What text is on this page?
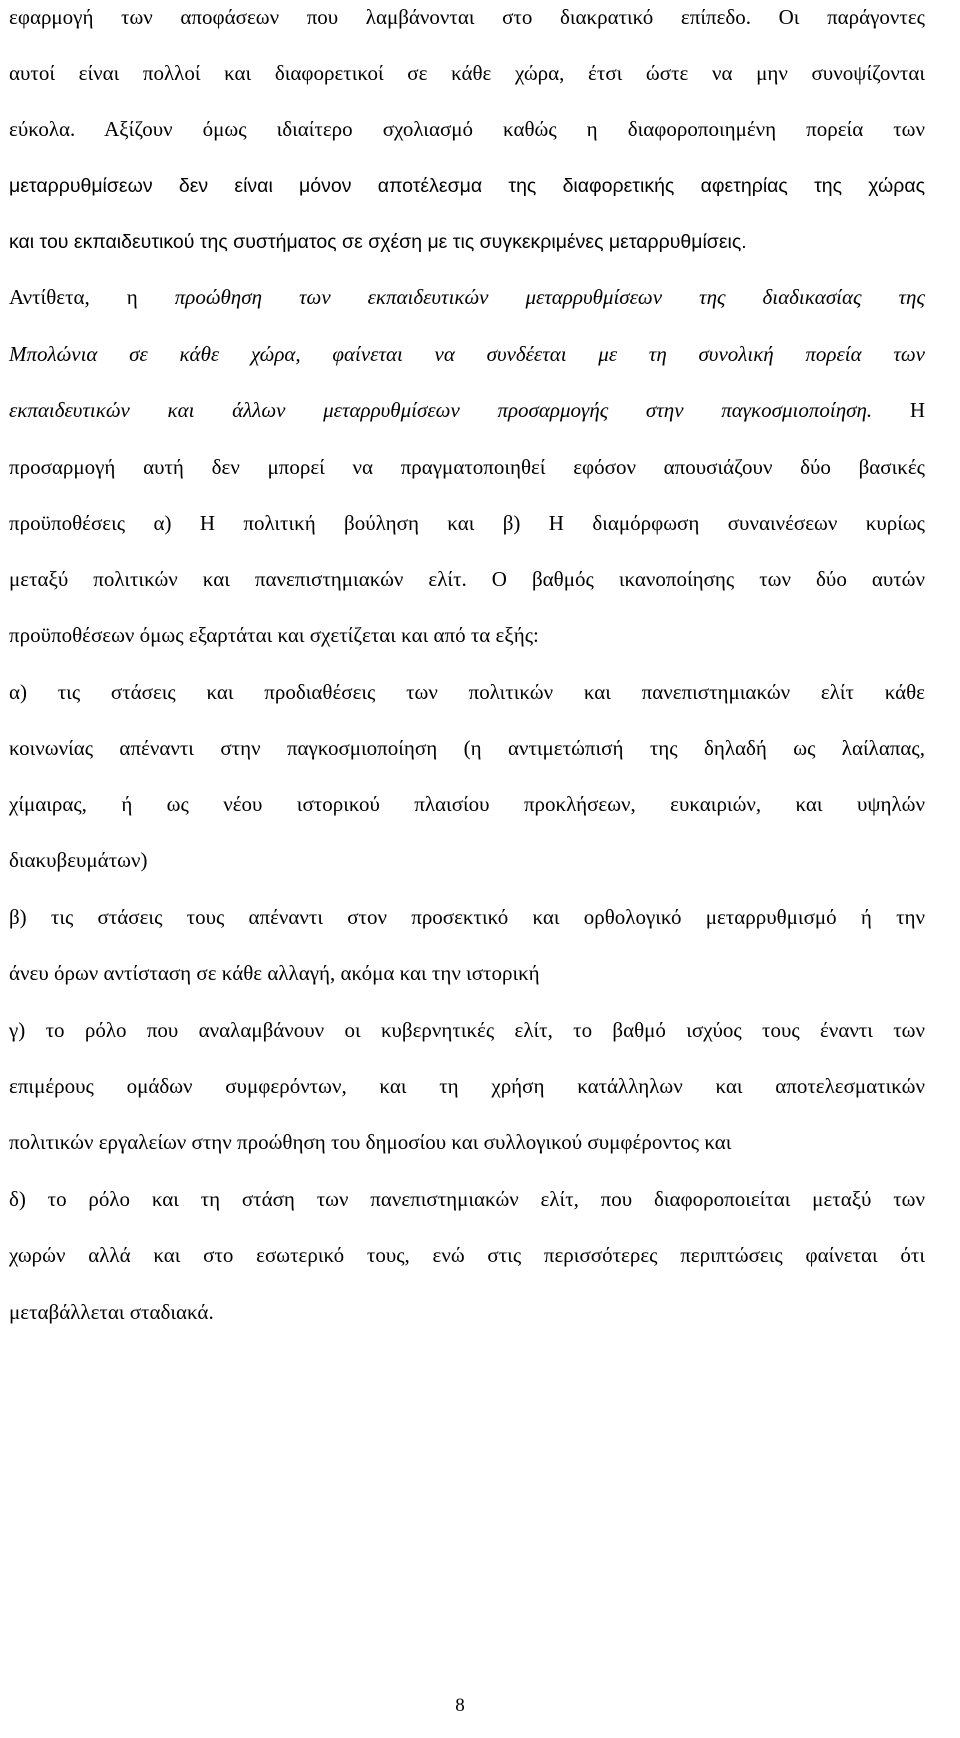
εφαρμογή των αποφάσεων που λαμβάνονται στο διακρατικό επίπεδο. Οι παράγοντες

αυτοί είναι πολλοί και διαφορετικοί σε κάθε χώρα, έτσι ώστε να μην συνοψίζονται

εύκολα. Αξίζουν όμως ιδιαίτερο σχολιασμό καθώς η διαφοροποιημένη πορεία των

μεταρρυθμίσεων δεν είναι μόνον αποτέλεσμα της διαφορετικής αφετηρίας της χώρας

και του εκπαιδευτικού της συστήματος σε σχέση με τις συγκεκριμένες μεταρρυθμίσεις.

Αντίθετα, η προώθηση των εκπαιδευτικών μεταρρυθμίσεων της διαδικασίας της

Μπολώνια σε κάθε χώρα, φαίνεται να συνδέεται με τη συνολική πορεία των

εκπαιδευτικών και άλλων μεταρρυθμίσεων προσαρμογής στην παγκοσμιοποίηση. Η

προσαρμογή αυτή δεν μπορεί να πραγματοποιηθεί εφόσον απουσιάζουν δύο βασικές

προϋποθέσεις α) Η πολιτική βούληση και β) Η διαμόρφωση συναινέσεων κυρίως

μεταξύ πολιτικών και πανεπιστημιακών ελίτ. Ο βαθμός ικανοποίησης των δύο αυτών

προϋποθέσεων όμως εξαρτάται και σχετίζεται και από τα εξής:

α) τις στάσεις και προδιαθέσεις των πολιτικών και πανεπιστημιακών ελίτ κάθε

κοινωνίας απέναντι στην παγκοσμιοποίηση (η αντιμετώπισή της δηλαδή ως λαίλαπας,

χίμαιρας, ή ως νέου ιστορικού πλαισίου προκλήσεων, ευκαιριών, και υψηλών

διακυβευμάτων)

β) τις στάσεις τους απέναντι στον προσεκτικό και ορθολογικό μεταρρυθμισμό ή την

άνευ όρων αντίσταση σε κάθε αλλαγή, ακόμα και την ιστορική

γ) το ρόλο που αναλαμβάνουν οι κυβερνητικές ελίτ, το βαθμό ισχύος τους έναντι των

επιμέρους ομάδων συμφερόντων, και τη χρήση κατάλληλων και αποτελεσματικών

πολιτικών εργαλείων στην προώθηση του δημοσίου και συλλογικού συμφέροντος και

δ) το ρόλο και τη στάση των πανεπιστημιακών ελίτ, που διαφοροποιείται μεταξύ των

χωρών αλλά και στο εσωτερικό τους, ενώ στις περισσότερες περιπτώσεις φαίνεται ότι

μεταβάλλεται σταδιακά.

8
